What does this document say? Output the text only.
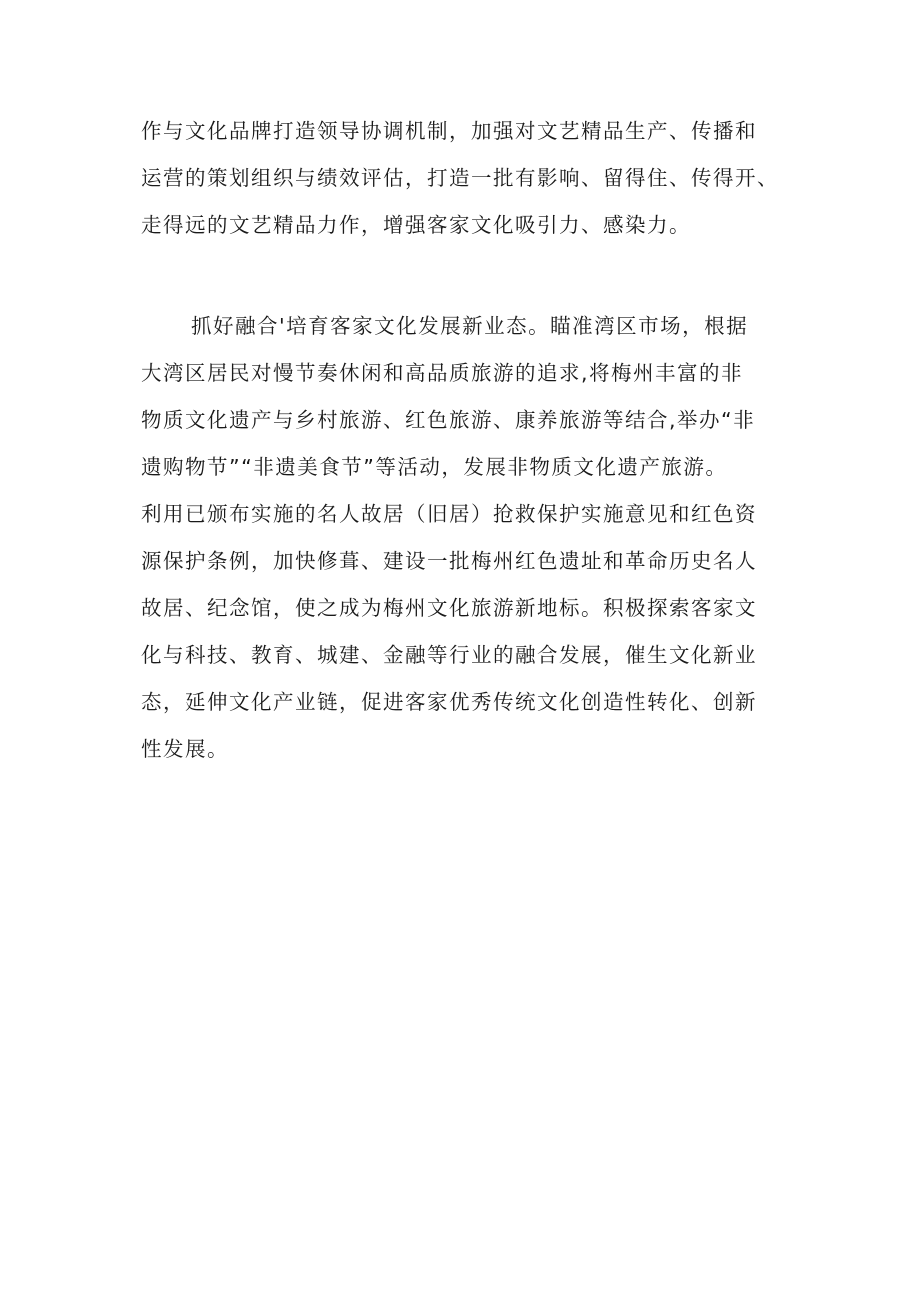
作与文化品牌打造领导协调机制，加强对文艺精品生产、传播和
运营的策划组织与绩效评估，打造一批有影响、留得住、传得开、
走得远的文艺精品力作，增强客家文化吸引力、感染力。
抓好融合'培育客家文化发展新业态。瞄准湾区市场，根据
大湾区居民对慢节奏休闲和高品质旅游的追求,将梅州丰富的非
物质文化遗产与乡村旅游、红色旅游、康养旅游等结合,举办“非
遗购物节”“非遗美食节”等活动，发展非物质文化遗产旅游。
利用已颁布实施的名人故居（旧居）抢救保护实施意见和红色资
源保护条例，加快修葺、建设一批梅州红色遗址和革命历史名人
故居、纪念馆，使之成为梅州文化旅游新地标。积极探索客家文
化与科技、教育、城建、金融等行业的融合发展，催生文化新业
态，延伸文化产业链，促进客家优秀传统文化创造性转化、创新
性发展。
